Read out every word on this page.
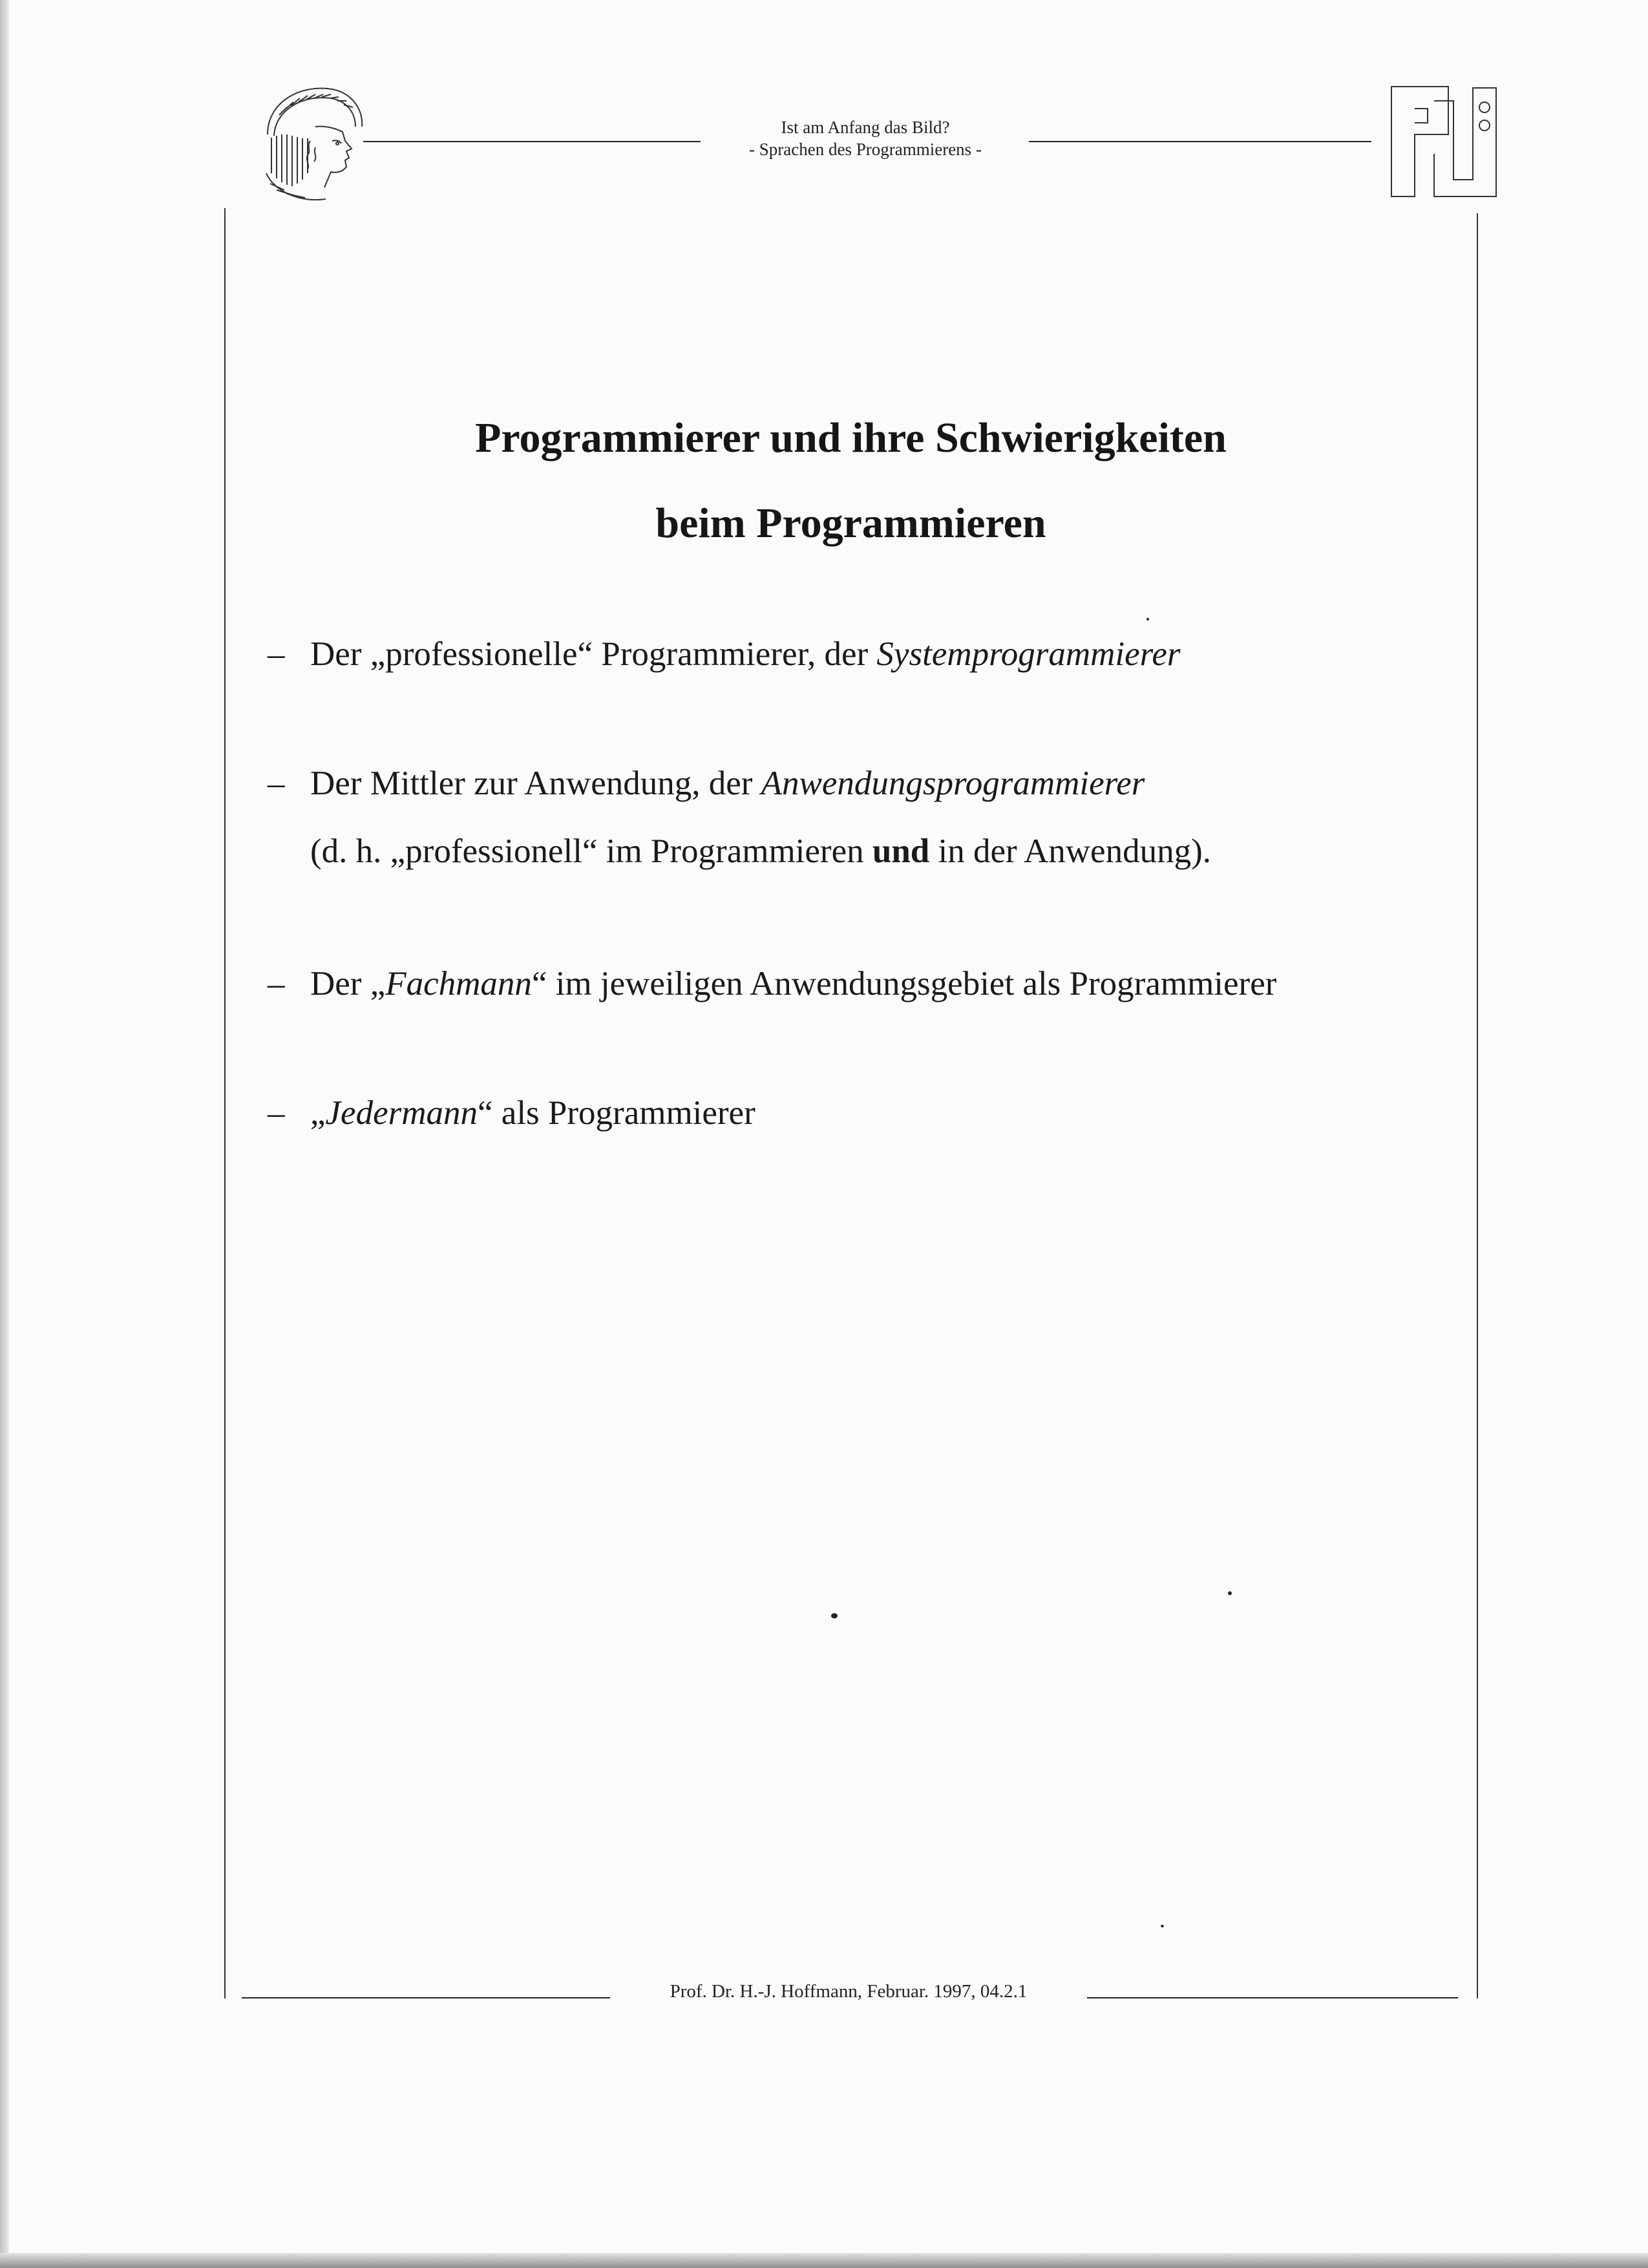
Ist am Anfang das Bild?
- Sprachen des Programmierens -
Programmierer und ihre Schwierigkeiten
beim Programmieren
– Der „professionelle“ Programmierer, der Systemprogrammierer
– Der Mittler zur Anwendung, der Anwendungsprogrammierer
(d. h. „professionell“ im Programmieren und in der Anwendung).
– Der „Fachmann“ im jeweiligen Anwendungsgebiet als Programmierer
– „Jedermann“ als Programmierer
Prof. Dr. H.-J. Hoffmann, Februar. 1997, 04.2.1
